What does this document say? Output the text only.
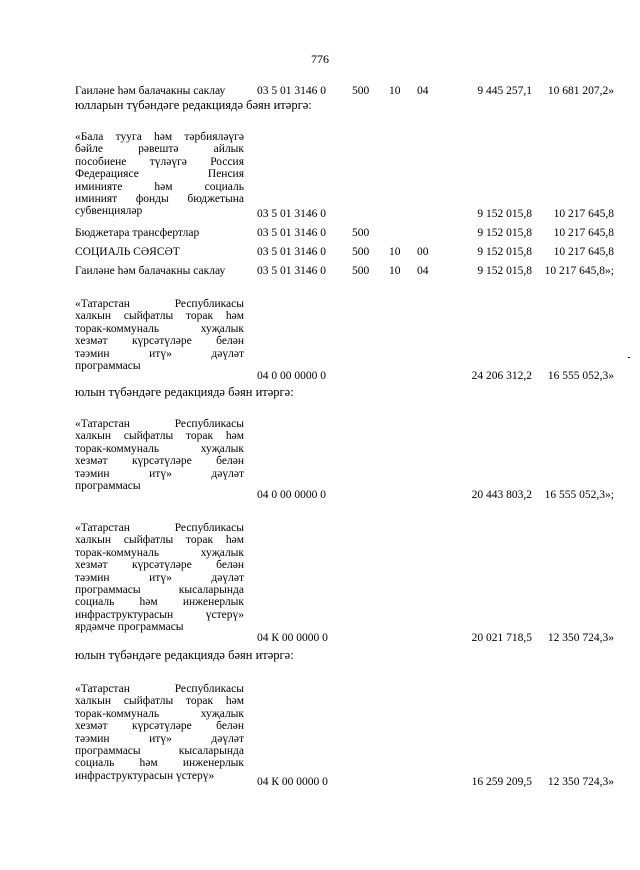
776
Гаиләне һәм балачакны саклау	03 5 01 3146 0 500 10 04	9 445 257,1 10 681 207,2»
юлларын түбәндәге редакциядә бәян итәргә:
«Бала тууга һәм тәрбияләүгә
бәйле рәвештә айлык
пособиене түләүгә Россия
Федерациясе Пенсия
иминияте һәм социаль
иминият фонды бюджетына
субвенцияләр	03 5 01 3146 0	9 152 015,8 10 217 645,8
Бюджетара трансфертлар	03 5 01 3146 0 500	9 152 015,8 10 217 645,8
СОЦИАЛЬ СӘЯСӘТ	03 5 01 3146 0 500 10 00	9 152 015,8 10 217 645,8
Гаиләне һәм балачакны саклау	03 5 01 3146 0 500 10 04	9 152 015,8 10 217 645,8»;
«Татарстан Республикасы
халкын сыйфатлы торак һәм
торак-коммуналь хуҗалык
хезмәт күрсәтүләре белән
тәэмин итү» дәүләт
программасы
04 0 00 0000 0	24 206 312,2 16 555 052,3»
юлын түбәндәге редакциядә бәян итәргә:
«Татарстан Республикасы
халкын сыйфатлы торак һәм
торак-коммуналь хуҗалык
хезмәт күрсәтүләре белән
тәэмин итү» дәүләт
программасы
04 0 00 0000 0	20 443 803,2 16 555 052,3»;
«Татарстан Республикасы
халкын сыйфатлы торак һәм
торак-коммуналь хуҗалык
хезмәт күрсәтүләре белән
тәэмин итү» дәүләт
программасы кысаларында
социаль һәм инженерлык
инфраструктурасын үстерү»
ярдәмче программасы
04 К 00 0000 0	20 021 718,5 12 350 724,3»
юлын түбәндәге редакциядә бәян итәргә:
«Татарстан Республикасы
халкын сыйфатлы торак һәм
торак-коммуналь хуҗалык
хезмәт күрсәтүләре белән
тәэмин итү» дәүләт
программасы кысаларында
социаль һәм инженерлык
инфраструктурасын үстерү»
04 К 00 0000 0	16 259 209,5 12 350 724,3»
